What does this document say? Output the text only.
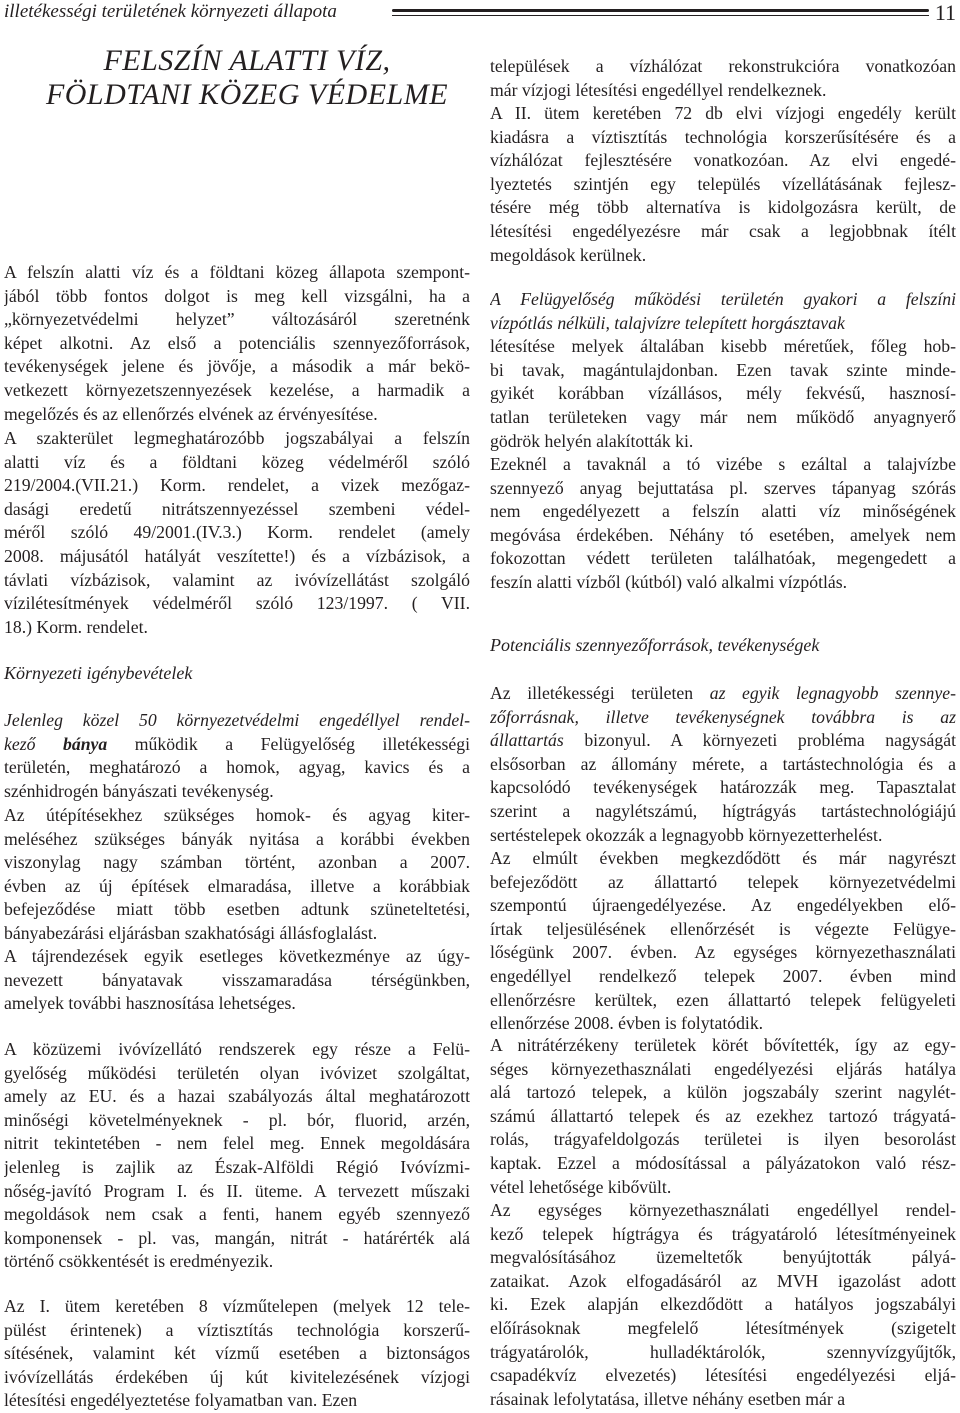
illetékességi területének környezeti állapota	11
FELSZÍN ALATTI VÍZ,
FÖLDTANI KÖZEG VÉDELME
A felszín alatti víz és a földtani közeg állapota szempont-
jából több fontos dolgot is meg kell vizsgálni, ha a
„környezetvédelmi helyzet” változásáról szeretnénk
képet alkotni. Az első a potenciális szennyezőforrások,
tevékenységek jelene és jövője, a második a már bekö-
vetkezett környezetszennyezések kezelése, a harmadik a
megelőzés és az ellenőrzés elvének az érvényesítése.
A szakterület legmeghatározóbb jogszabályai a felszín
alatti víz és a földtani közeg védelméről szóló
219/2004.(VII.21.) Korm. rendelet, a vizek mezőgaz-
dasági eredetű nitrátszennyezéssel szembeni védel-
méről szóló 49/2001.(IV.3.) Korm. rendelet (amely
2008. májusától hatályát veszítette!) és a vízbázisok, a
távlati vízbázisok, valamint az ivóvízellátást szolgáló
vízilétesítmények védelméről szóló 123/1997. ( VII.
18.) Korm. rendelet.
Környezeti igénybevételek
Jelenleg közel 50 környezetvédelmi engedéllyel rendel-
kező bánya működik a Felügyelőség illetékességi
területén, meghatározó a homok, agyag, kavics és a
szénhidrogén bányászati tevékenység.
Az útépítésekhez szükséges homok- és agyag kiter-
meléséhez szükséges bányák nyitása a korábbi években
viszonylag nagy számban történt, azonban a 2007.
évben az új építések elmaradása, illetve a korábbiak
befejeződése miatt több esetben adtunk szüneteltetési,
bányabezárási eljárásban szakhatósági állásfoglalást.
A tájrendezések egyik esetleges következménye az úgy-
nevezett bányatavak visszamaradása térségünkben,
amelyek további hasznosítása lehetséges.
A közüzemi ivóvízellátó rendszerek egy része a Felü-
gyelőség működési területén olyan ivóvizet szolgáltat,
amely az EU. és a hazai szabályozás által meghatározott
minőségi követelményeknek - pl. bór, fluorid, arzén,
nitrit tekintetében - nem felel meg. Ennek megoldására
jelenleg is zajlik az Észak-Alföldi Régió Ivóvízmi-
nőség-javító Program I. és II. üteme. A tervezett műszaki
megoldások nem csak a fenti, hanem egyéb szennyező
komponensek - pl. vas, mangán, nitrát - határérték alá
történő csökkentését is eredményezik.
Az I. ütem keretében 8 vízműtelepen (melyek 12 tele-
pülést érintenek) a víztisztítás technológia korszerű-
sítésének, valamint két vízmű esetében a biztonságos
ivóvízellátás érdekében új kút kivitelezésének vízjogi
létesítési engedélyeztetése folyamatban van. Ezen
települések a vízhálózat rekonstrukcióra vonatkozóan
már vízjogi létesítési engedéllyel rendelkeznek.
A II. ütem keretében 72 db elvi vízjogi engedély került
kiadásra a víztisztítás technológia korszerűsítésére és a
vízhálózat fejlesztésére vonatkozóan. Az elvi engedé-
lyeztetés szintjén egy település vízellátásának fejlesz-
tésére még több alternatíva is kidolgozásra került, de
létesítési engedélyezésre már csak a legjobbnak ítélt
megoldások kerülnek.
A Felügyelőség működési területén gyakori a felszíni
vízpótlás nélküli, talajvízre telepített horgásztavak
létesítése melyek általában kisebb méretűek, főleg hob-
bi tavak, magántulajdonban. Ezen tavak szinte minde-
gyikét korábban vízállásos, mély fekvésű, hasznosí-
tatlan területeken vagy már nem működő anyagnyerő
gödrök helyén alakították ki.
Ezeknél a tavaknál a tó vizébe s ezáltal a talajvízbe
szennyező anyag bejuttatása pl. szerves tápanyag szórás
nem engedélyezett a felszín alatti víz minőségének
megóvása érdekében. Néhány tó esetében, amelyek nem
fokozottan védett területen találhatóak, megengedett a
feszín alatti vízből (kútból) való alkalmi vízpótlás.
Potenciális szennyezőforrások, tevékenységek
Az illetékességi területen az egyik legnagyobb szennye-
zőforrásnak, illetve tevékenységnek továbbra is az
állattartás bizonyul. A környezeti probléma nagyságát
elsősorban az állomány mérete, a tartástechnológia és a
kapcsolódó tevékenységek határozzák meg. Tapasztalat
szerint a nagylétszámú, hígtrágyás tartástechnológiájú
sertéstelepek okozzák a legnagyobb környezetterhelést.
Az elmúlt években megkezdődött és már nagyrészt
befejeződött az állattartó telepek környezetvédelmi
szempontú újraengedélyezése. Az engedélyekben elő-
írtak teljesülésének ellenőrzését is végezte Felügye-
lőségünk 2007. évben. Az egységes környezethasználati
engedéllyel rendelkező telepek 2007. évben mind
ellenőrzésre kerültek, ezen állattartó telepek felügyeleti
ellenőrzése 2008. évben is folytatódik.
A nitrátérzékeny területek körét bővítették, így az egy-
séges környezethasználati engedélyezési eljárás hatálya
alá tartozó telepek, a külön jogszabály szerint nagylét-
számú állattartó telepek és az ezekhez tartozó trágyatá-
rolás, trágyafeldolgozás területei is ilyen besorolást
kaptak. Ezzel a módosítással a pályázatokon való rész-
vétel lehetősége kibővült.
Az egységes környezethasználati engedéllyel rendel-
kező telepek hígtrágya és trágyatároló létesítményeinek
megvalósításához üzemeltetők benyújtották pályá-
zataikat. Azok elfogadásáról az MVH igazolást adott
ki. Ezek alapján elkezdődött a hatályos jogszabályi
előírásoknak megfelelő létesítmények (szigetelt
trágyatárolók, hulladéktárolók, szennyvízgyűjtők,
csapadékvíz elvezetés) létesítési engedélyezési eljá-
rásainak lefolytatása, illetve néhány esetben már a
